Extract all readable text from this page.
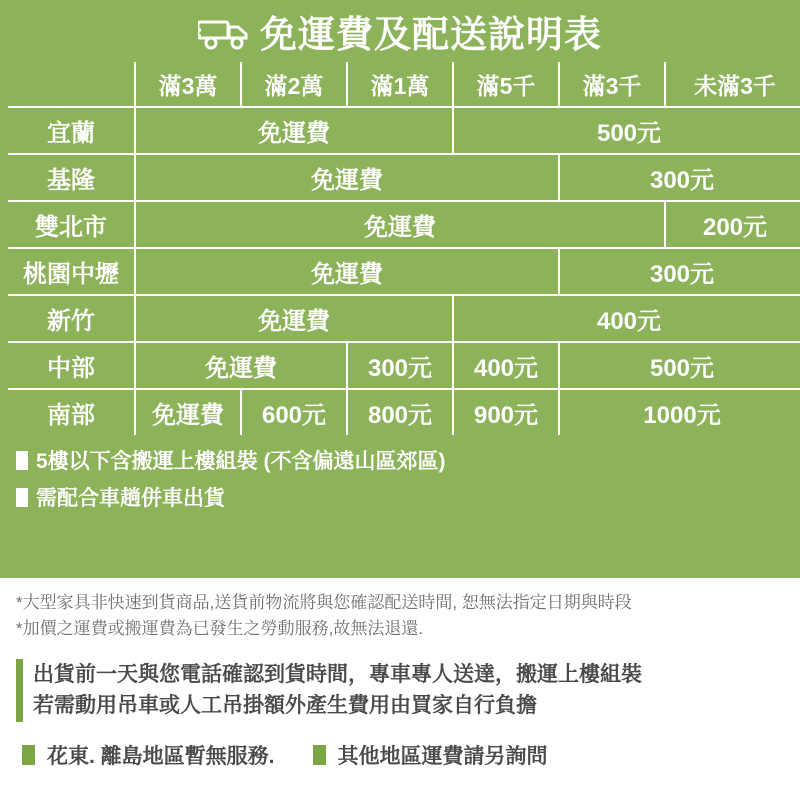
免運費及配送說明表
	滿3萬	滿2萬	滿1萬	滿5千	滿3千	未滿3千
宜蘭	免運費			500元		
基隆	免運費				300元	
雙北市	免運費					200元
桃園中壢	免運費				300元	
新竹	免運費			400元		
中部	免運費		300元	400元	500元	
南部	免運費	600元	800元	900元	1000元	
5樓以下含搬運上樓組裝 (不含偏遠山區郊區)
需配合車趟併車出貨
*大型家具非快速到貨商品,送貨前物流將與您確認配送時間, 恕無法指定日期與時段
*加價之運費或搬運費為已發生之勞動服務,故無法退還.
出貨前一天與您電話確認到貨時間，專車專人送達，搬運上樓組裝
若需動用吊車或人工吊掛額外產生費用由買家自行負擔
花東. 離島地區暫無服務.	其他地區運費請另詢問
